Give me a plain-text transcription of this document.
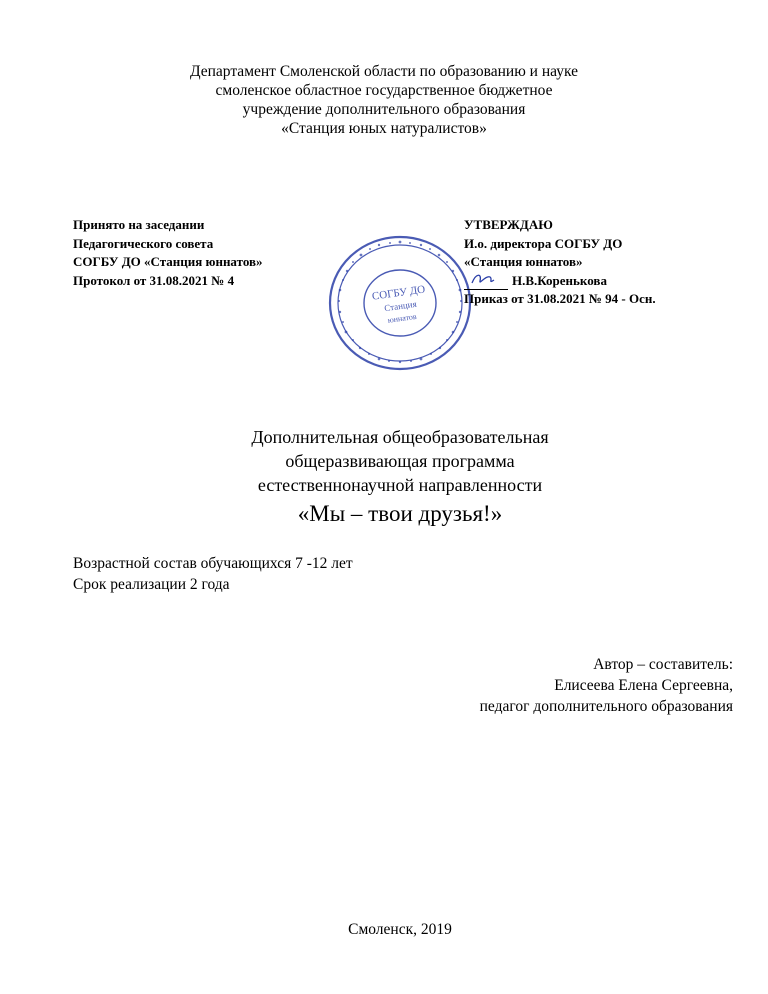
Департамент Смоленской области по образованию и науке
смоленское областное государственное бюджетное
учреждение дополнительного образования
«Станция юных натуралистов»
Принято на заседании
Педагогического совета
СОГБУ ДО «Станция юннатов»
Протокол от 31.08.2021 № 4
СОГБУ ДО
Станция
юннатов
УТВЕРЖДАЮ
И.о. директора СОГБУ ДО
«Станция юннатов»
Н.В.Коренькова
Приказ от 31.08.2021 № 94 - Осн.
Дополнительная общеобразовательная
общеразвивающая программа
естественнонаучной направленности
«Мы – твои друзья!»
Возрастной состав обучающихся 7 -12 лет
Срок реализации 2 года
Автор – составитель:
Елисеева Елена Сергеевна,
педагог дополнительного образования
Смоленск, 2019
